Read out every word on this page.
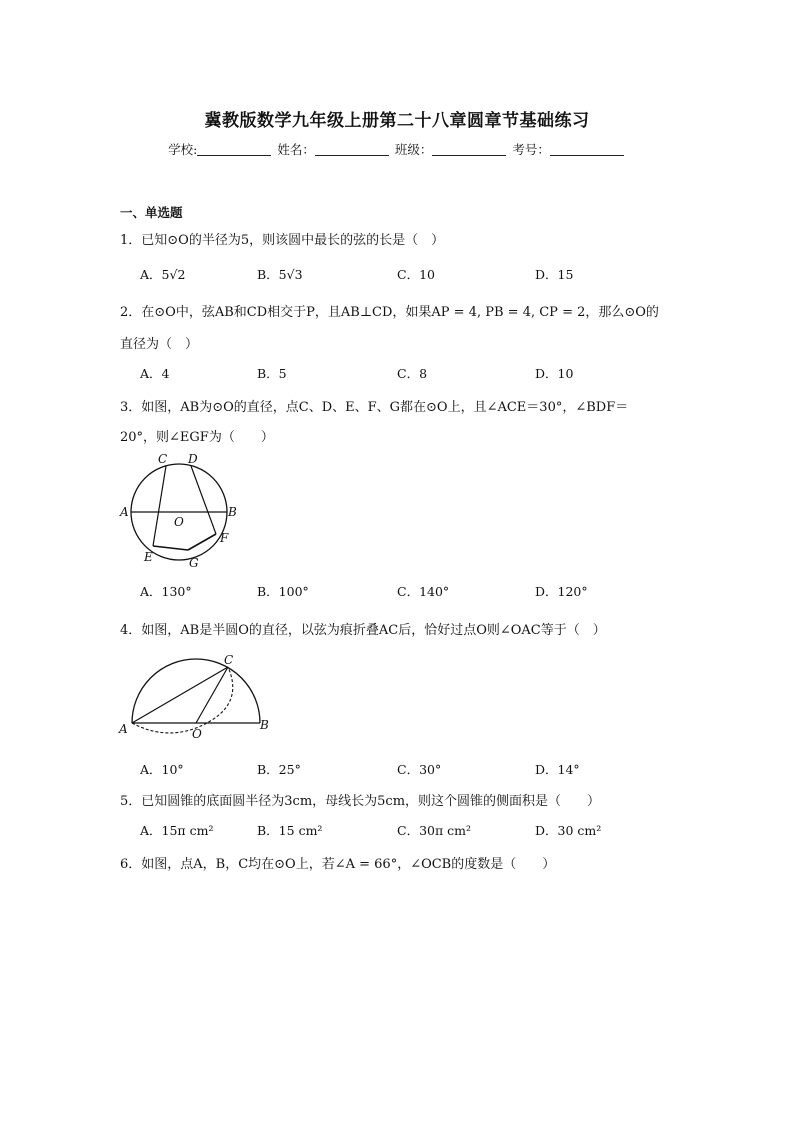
冀教版数学九年级上册第二十八章圆章节基础练习
学校:	姓名：	班级：	考号：
一、单选题
1．已知⊙O的半径为5，则该圆中最长的弦的长是（　）
A．5√2	B．5√3	C．10	D．15
2．在⊙O中，弦AB和CD相交于P，且AB⊥CD，如果AP = 4, PB = 4, CP = 2，那么⊙O的
直径为（　）
A．4	B．5	C．8	D．10
3．如图，AB为⊙O的直径，点C、D、E、F、G都在⊙O上，且∠ACE＝30°，∠BDF＝
20°，则∠EGF为（　　）
C D
A
O
B
E
F
G
A．130°	B．100°	C．140°	D．120°
4．如图，AB是半圆O的直径，以弦为痕折叠AC后，恰好过点O则∠OAC等于（　）
C
A	O
B
A．10°	B．25°	C．30°	D．14°
5．已知圆锥的底面圆半径为3cm，母线长为5cm，则这个圆锥的侧面积是（　　）
A．15π cm²	B．15 cm²	C．30π cm²	D．30 cm²
6．如图，点A，B，C均在⊙O上，若∠A = 66°，∠OCB的度数是（　　）
